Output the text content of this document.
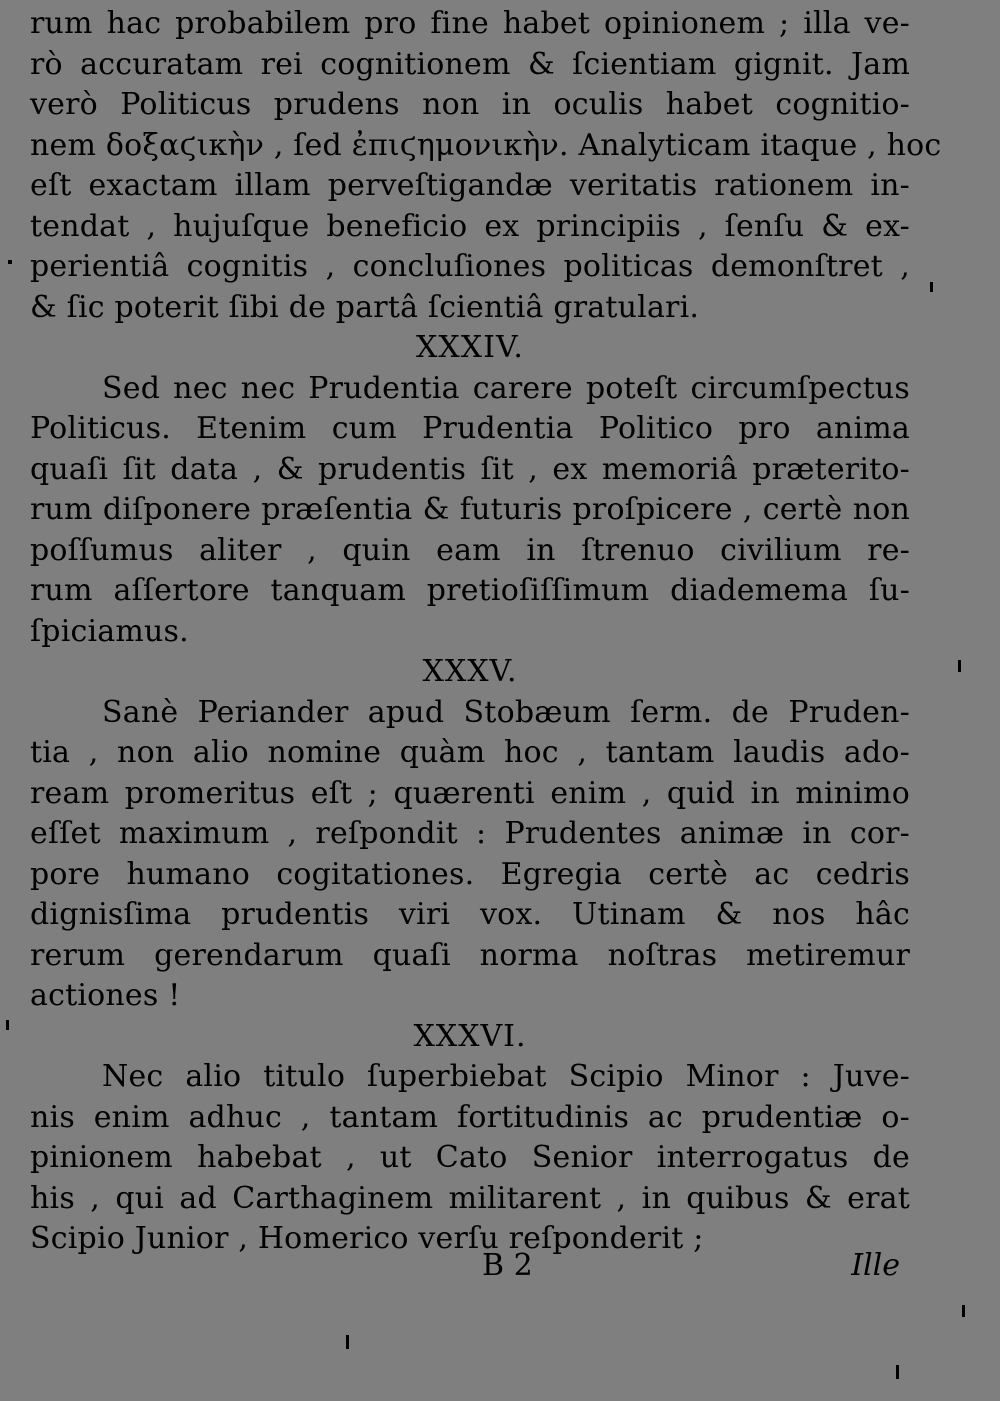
rum hac probabilem pro fine habet opinionem ; illa ve-
rò accuratam rei cognitionem & ſcientiam gignit. Jam
verò Politicus prudens non in oculis habet cognitio-
nem δοξαϛικὴν , ſed ἐπιϛημονικὴν. Analyticam itaque , hoc
eſt exactam illam perveſtigandæ veritatis rationem in-
tendat , hujuſque beneficio ex principiis , ſenſu & ex-
perientiâ cognitis , concluſiones politicas demonſtret ,
& ſic poterit ſibi de partâ ſcientiâ gratulari.
XXXIV.
Sed nec nec Prudentia carere poteſt circumſpectus
Politicus. Etenim cum Prudentia Politico pro anima
quaſi ſit data , & prudentis ſit , ex memoriâ præterito-
rum diſponere præſentia & futuris proſpicere , certè non
poſſumus aliter , quin eam in ſtrenuo civilium re-
rum aſſertore tanquam pretioſiſſimum diademema ſu-
ſpiciamus.
XXXV.
Sanè Periander apud Stobæum ſerm. de Pruden-
tia , non alio nomine quàm hoc , tantam laudis ado-
ream promeritus eſt ; quærenti enim , quid in minimo
eſſet maximum , reſpondit : Prudentes animæ in cor-
pore humano cogitationes. Egregia certè ac cedris
dignisſima prudentis viri vox. Utinam & nos hâc
rerum gerendarum quaſi norma noſtras metiremur
actiones !
XXXVI.
Nec alio titulo ſuperbiebat Scipio Minor : Juve-
nis enim adhuc , tantam fortitudinis ac prudentiæ o-
pinionem habebat , ut Cato Senior interrogatus de
his , qui ad Carthaginem militarent , in quibus & erat
Scipio Junior , Homerico verſu reſponderit ;
B 2	Ille
